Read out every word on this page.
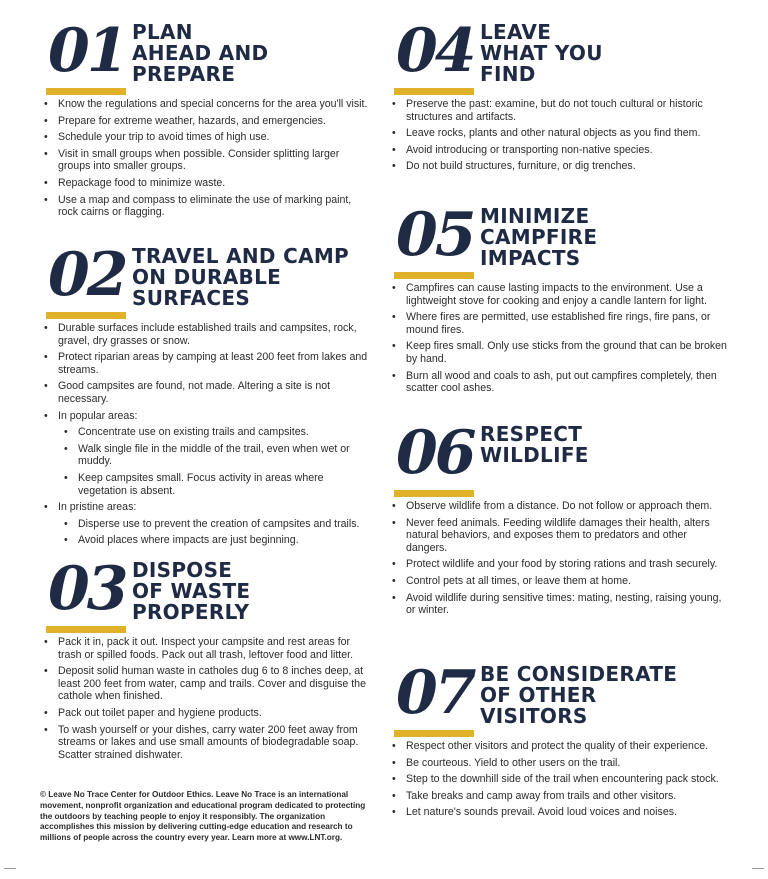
01 PLAN
AHEAD AND
PREPARE
• Know the regulations and special concerns for the area you'll visit.
• Prepare for extreme weather, hazards, and emergencies.
• Schedule your trip to avoid times of high use.
• Visit in small groups when possible. Consider splitting larger groups into smaller groups.
• Repackage food to minimize waste.
• Use a map and compass to eliminate the use of marking paint, rock cairns or flagging.
02 TRAVEL AND CAMP
ON DURABLE
SURFACES
• Durable surfaces include established trails and campsites, rock, gravel, dry grasses or snow.
• Protect riparian areas by camping at least 200 feet from lakes and streams.
• Good campsites are found, not made. Altering a site is not necessary.
• In popular areas:
• Concentrate use on existing trails and campsites.
• Walk single file in the middle of the trail, even when wet or muddy.
• Keep campsites small. Focus activity in areas where vegetation is absent.
• In pristine areas:
• Disperse use to prevent the creation of campsites and trails.
• Avoid places where impacts are just beginning.
03 DISPOSE
OF WASTE
PROPERLY
• Pack it in, pack it out. Inspect your campsite and rest areas for trash or spilled foods. Pack out all trash, leftover food and litter.
• Deposit solid human waste in catholes dug 6 to 8 inches deep, at least 200 feet from water, camp and trails. Cover and disguise the cathole when finished.
• Pack out toilet paper and hygiene products.
• To wash yourself or your dishes, carry water 200 feet away from streams or lakes and use small amounts of biodegradable soap. Scatter strained dishwater.
04 LEAVE
WHAT YOU
FIND
• Preserve the past: examine, but do not touch cultural or historic structures and artifacts.
• Leave rocks, plants and other natural objects as you find them.
• Avoid introducing or transporting non-native species.
• Do not build structures, furniture, or dig trenches.
05 MINIMIZE
CAMPFIRE
IMPACTS
• Campfires can cause lasting impacts to the environment. Use a lightweight stove for cooking and enjoy a candle lantern for light.
• Where fires are permitted, use established fire rings, fire pans, or mound fires.
• Keep fires small. Only use sticks from the ground that can be broken by hand.
• Burn all wood and coals to ash, put out campfires completely, then scatter cool ashes.
06 RESPECT
WILDLIFE
• Observe wildlife from a distance. Do not follow or approach them.
• Never feed animals. Feeding wildlife damages their health, alters natural behaviors, and exposes them to predators and other dangers.
• Protect wildlife and your food by storing rations and trash securely.
• Control pets at all times, or leave them at home.
• Avoid wildlife during sensitive times: mating, nesting, raising young, or winter.
07 BE CONSIDERATE
OF OTHER
VISITORS
• Respect other visitors and protect the quality of their experience.
• Be courteous. Yield to other users on the trail.
• Step to the downhill side of the trail when encountering pack stock.
• Take breaks and camp away from trails and other visitors.
• Let nature's sounds prevail. Avoid loud voices and noises.
© Leave No Trace Center for Outdoor Ethics. Leave No Trace is an international movement, nonprofit organization and educational program dedicated to protecting the outdoors by teaching people to enjoy it responsibly. The organization accomplishes this mission by delivering cutting-edge education and research to millions of people across the country every year. Learn more at www.LNT.org.
